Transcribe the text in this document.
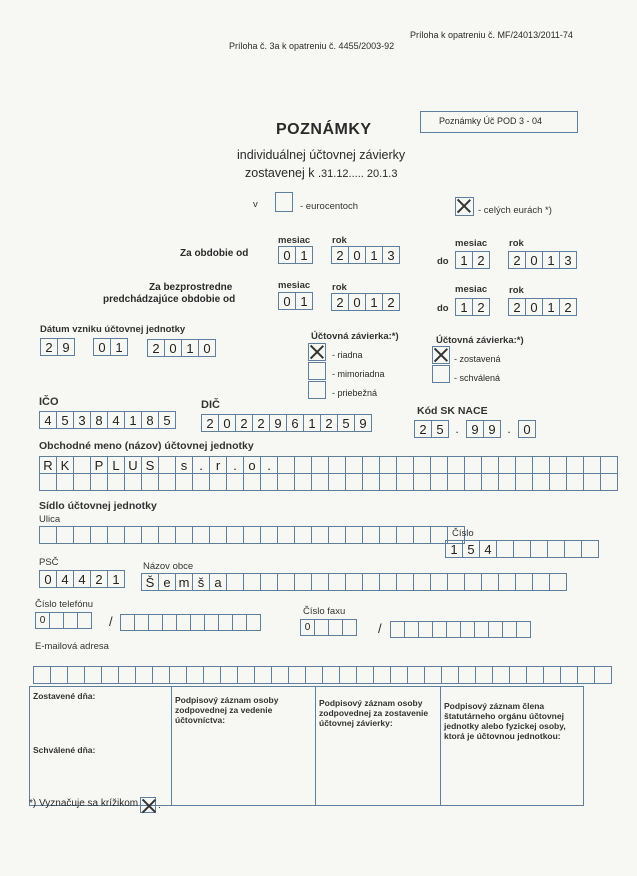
Príloha k opatreniu č. MF/24013/2011-74
Príloha č. 3a k opatreniu č. 4455/2003-92
Poznámky Úč POD 3 - 04
POZNÁMKY
individuálnej účtovnej závierky
zostavenej k .31.12..... 20.1.3
v	- eurocentoch	- celých eurách *)
mesiac rok	mesiac rok
Za obdobie od	0 1	2 0 1 3	do 1 2	2 0 1 3
mesiac rok	mesiac rok
Za bezprostredne
predchádzajúce obdobie od	0 1	2 0 1 2	do 1 2	2 0 1 2
Dátum vzniku účtovnej jednotky
2 9	0 1	2 0 1 0
Účtovná závierka:*)
- riadna
- mimoriadna
- priebežná
Účtovná závierka:*)
- zostavená
- schválená
IČO
4 5 3 8 4 1 8 5
DIČ
2 0 2 2 9 6 1 2 5 9
Kód SK NACE
2 5 . 9 9 . 0
Obchodné meno (názov) účtovnej jednotky
R K	P L U S	s .	r	. o .
Sídlo účtovnej jednotky
Ulica
Číslo
1 5 4
PSČ
0 4 4 2 1
Názov obce
Š e m š a
Číslo telefónu
0	/
Číslo faxu
0	/
E-mailová adresa
Zostavené dňa:
Schválené dňa:
Podpisový záznam osoby zodpovednej za vedenie účtovníctva:
Podpisový záznam osoby zodpovednej za zostavenie účtovnej závierky:
Podpisový záznam člena štatutárneho orgánu účtovnej jednotky alebo fyzickej osoby, ktorá je účtovnou jednotkou:
*) Vyznačuje sa krížikom .
